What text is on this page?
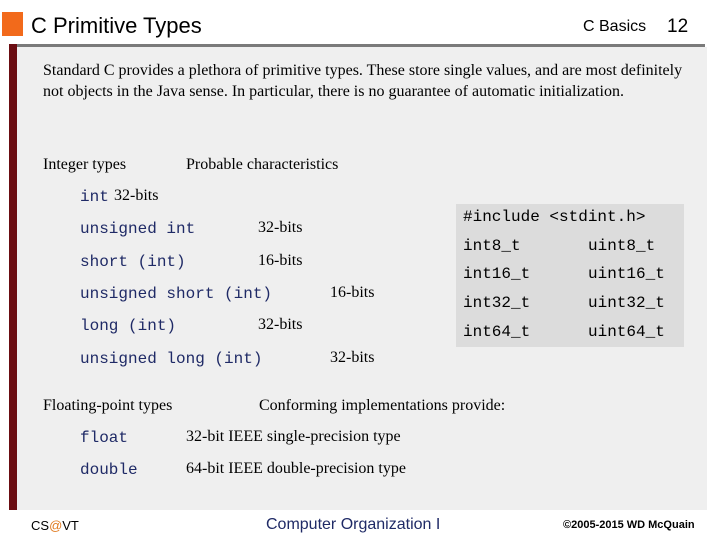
C Primitive Types	C Basics 12
Standard C provides a plethora of primitive types. These store single values, and are most definitely not objects in the Java sense. In particular, there is no guarantee of automatic initialization.
Integer types	Probable characteristics
int 32-bits
unsigned int	32-bits
short (int)	16-bits
unsigned short (int)	16-bits
long (int)	32-bits
unsigned long (int)	32-bits
#include <stdint.h>
int8_t	uint8_t
int16_t	uint16_t
int32_t	uint32_t
int64_t	uint64_t
Floating-point types	Conforming implementations provide:
float	32-bit IEEE single-precision type
double	64-bit IEEE double-precision type
CS@VT	Computer Organization I	©2005-2015 WD McQuain
